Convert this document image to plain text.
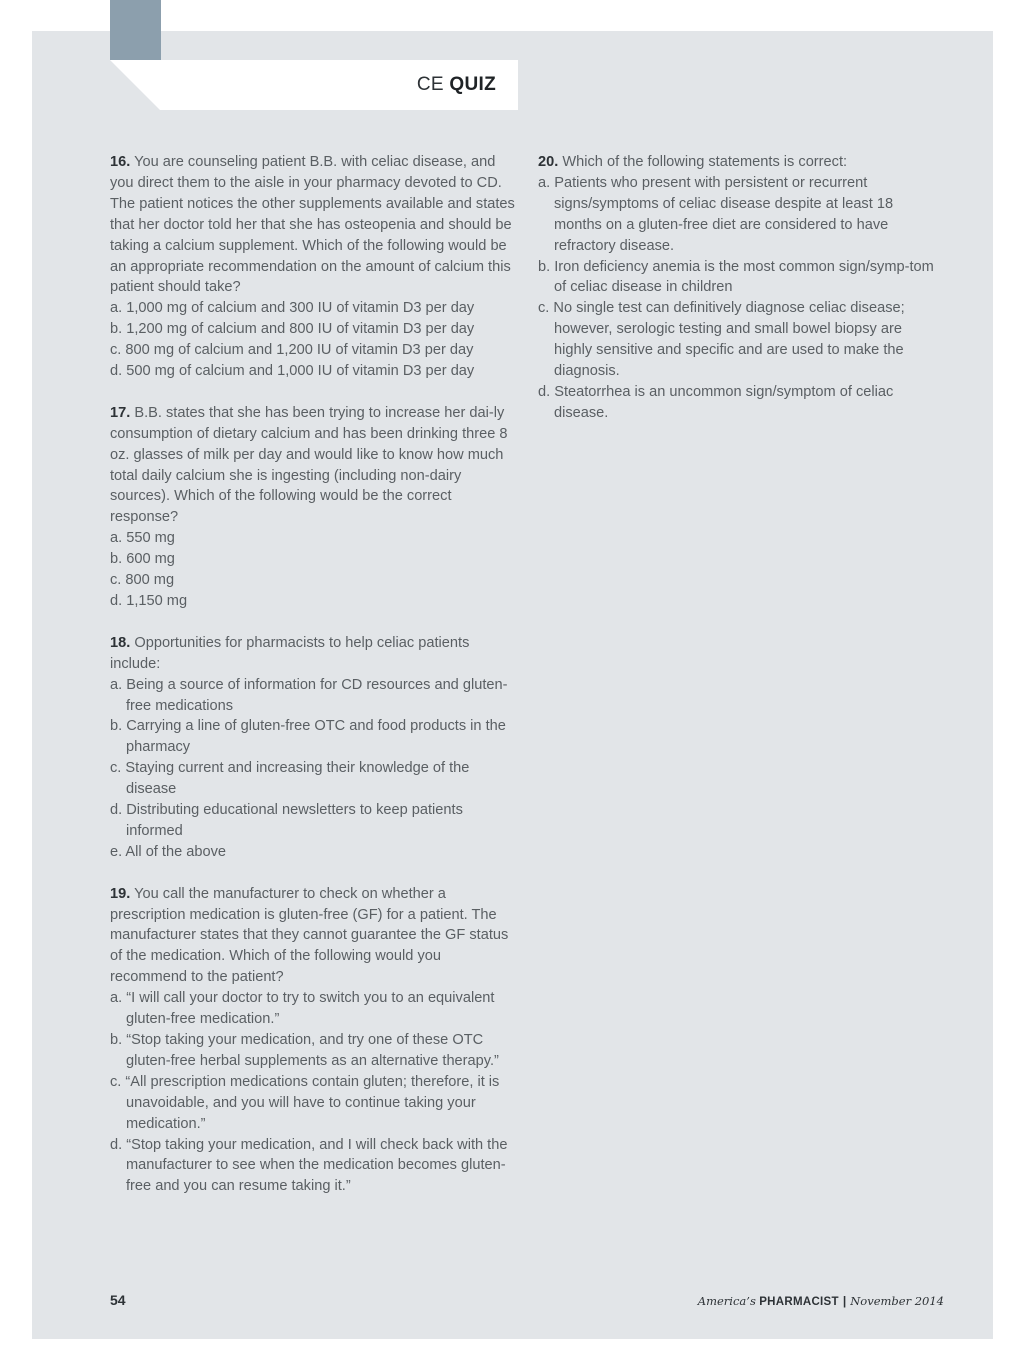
CE QUIZ

16. You are counseling patient B.B. with celiac disease, and you direct them to the aisle in your pharmacy devoted to CD. The patient notices the other supplements available and states that her doctor told her that she has osteopenia and should be taking a calcium supplement. Which of the following would be an appropriate recommendation on the amount of calcium this patient should take?

a. 1,000 mg of calcium and 300 IU of vitamin D3 per day

b. 1,200 mg of calcium and 800 IU of vitamin D3 per day

c. 800 mg of calcium and 1,200 IU of vitamin D3 per day

d. 500 mg of calcium and 1,000 IU of vitamin D3 per day

17. B.B. states that she has been trying to increase her dai-ly consumption of dietary calcium and has been drinking three 8 oz. glasses of milk per day and would like to know how much total daily calcium she is ingesting (including non-dairy sources). Which of the following would be the correct response?

a. 550 mg

b. 600 mg

c. 800 mg

d. 1,150 mg

18. Opportunities for pharmacists to help celiac patients include:

a. Being a source of information for CD resources and gluten-free medications

b. Carrying a line of gluten-free OTC and food products in the pharmacy

c. Staying current and increasing their knowledge of the disease

d. Distributing educational newsletters to keep patients informed

e. All of the above

19. You call the manufacturer to check on whether a prescription medication is gluten-free (GF) for a patient. The manufacturer states that they cannot guarantee the GF status of the medication. Which of the following would you recommend to the patient?

a. “I will call your doctor to try to switch you to an equivalent gluten-free medication.”

b. “Stop taking your medication, and try one of these OTC gluten-free herbal supplements as an alternative therapy.”

c. “All prescription medications contain gluten; therefore, it is unavoidable, and you will have to continue taking your medication.”

d. “Stop taking your medication, and I will check back with the manufacturer to see when the medication becomes gluten-free and you can resume taking it.”

20. Which of the following statements is correct:

a. Patients who present with persistent or recurrent signs/symptoms of celiac disease despite at least 18 months on a gluten-free diet are considered to have refractory disease.

b. Iron deficiency anemia is the most common sign/symp-tom of celiac disease in children

c. No single test can definitively diagnose celiac disease; however, serologic testing and small bowel biopsy are highly sensitive and specific and are used to make the diagnosis.

d. Steatorrhea is an uncommon sign/symptom of celiac disease.

54	America’s PHARMACIST | November 2014
